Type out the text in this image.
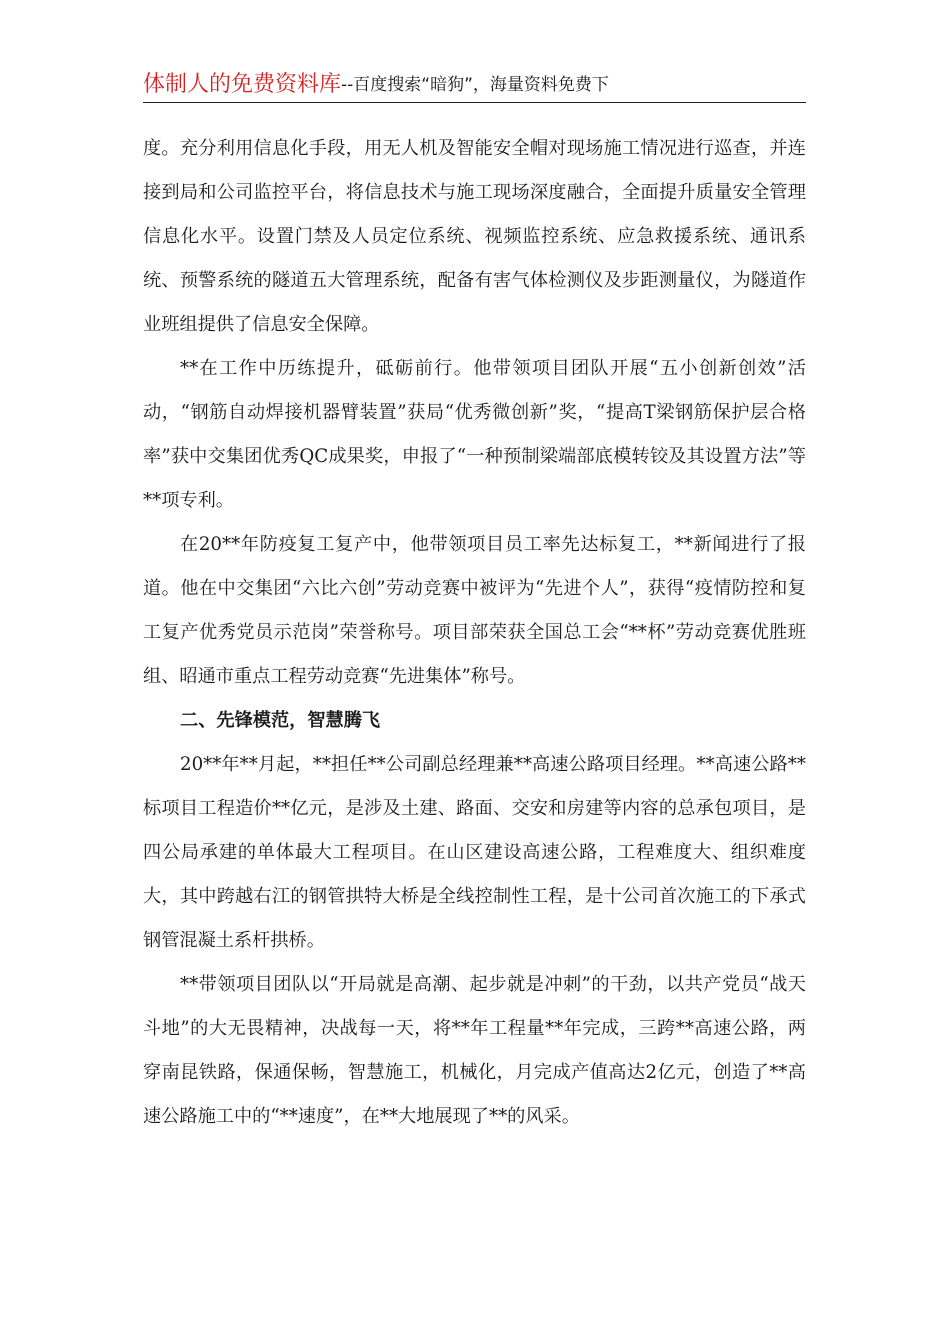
体制人的免费资料库--百度搜索“暗狗”，海量资料免费下

度。充分利用信息化手段，用无人机及智能安全帽对现场施工情况进行巡查，并连接到局和公司监控平台，将信息技术与施工现场深度融合，全面提升质量安全管理信息化水平。设置门禁及人员定位系统、视频监控系统、应急救援系统、通讯系统、预警系统的隧道五大管理系统，配备有害气体检测仪及步距测量仪，为隧道作业班组提供了信息安全保障。

**在工作中历练提升，砥砺前行。他带领项目团队开展“五小创新创效”活动，“钢筋自动焊接机器臂装置”获局“优秀微创新”奖，“提高T梁钢筋保护层合格率”获中交集团优秀QC成果奖，申报了“一种预制梁端部底模转铰及其设置方法”等**项专利。

在20**年防疫复工复产中，他带领项目员工率先达标复工，**新闻进行了报道。他在中交集团“六比六创”劳动竞赛中被评为“先进个人”，获得“疫情防控和复工复产优秀党员示范岗”荣誉称号。项目部荣获全国总工会“**杯”劳动竞赛优胜班组、昭通市重点工程劳动竞赛“先进集体”称号。

二、先锋模范，智慧腾飞

20**年**月起，**担任**公司副总经理兼**高速公路项目经理。**高速公路**标项目工程造价**亿元，是涉及土建、路面、交安和房建等内容的总承包项目，是四公局承建的单体最大工程项目。在山区建设高速公路，工程难度大、组织难度大，其中跨越右江的钢管拱特大桥是全线控制性工程，是十公司首次施工的下承式钢管混凝土系杆拱桥。

**带领项目团队以“开局就是高潮、起步就是冲刺”的干劲，以共产党员“战天斗地”的大无畏精神，决战每一天，将**年工程量**年完成，三跨**高速公路，两穿南昆铁路，保通保畅，智慧施工，机械化，月完成产值高达2亿元，创造了**高速公路施工中的“**速度”，在**大地展现了**的风采。
